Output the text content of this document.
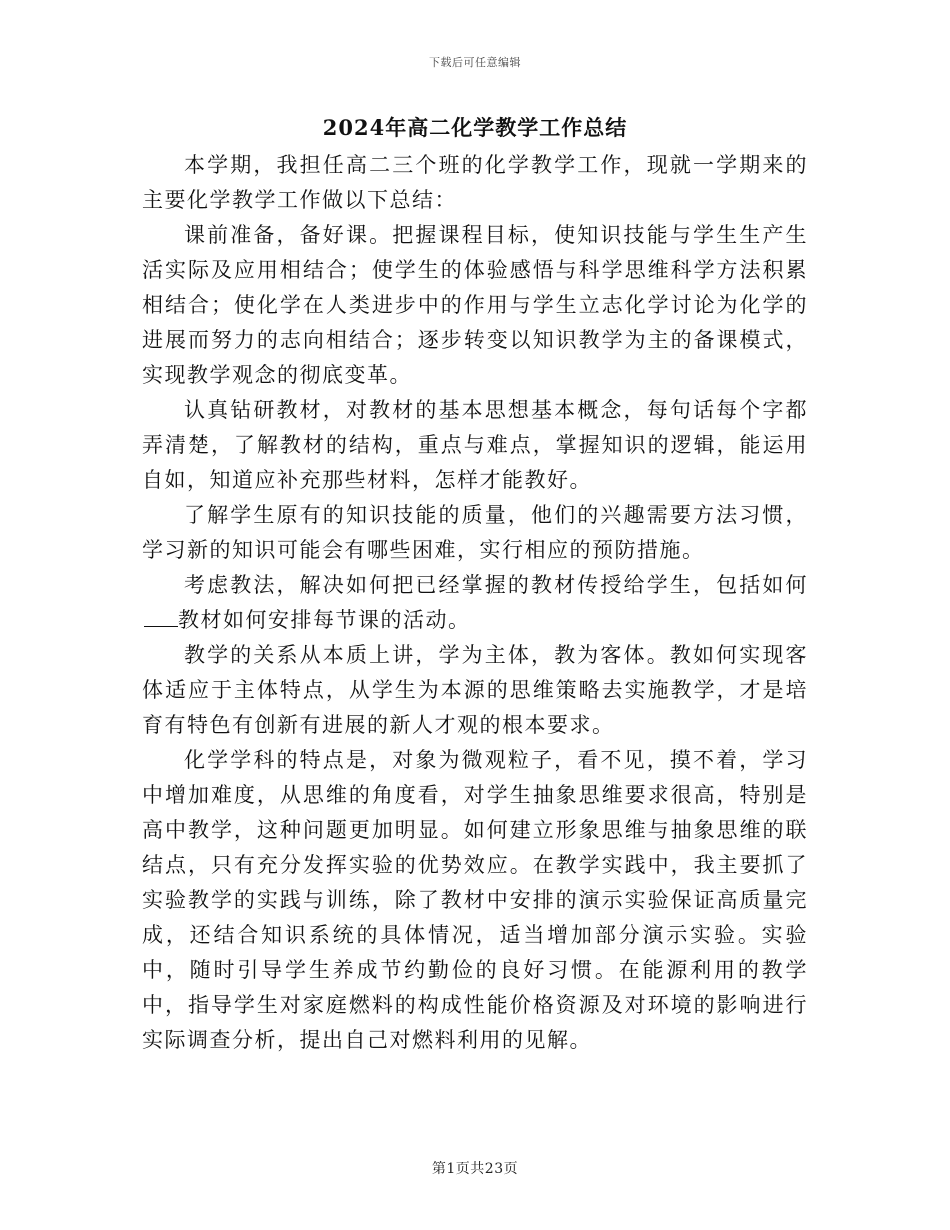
下载后可任意编辑
2024年高二化学教学工作总结

本学期，我担任高二三个班的化学教学工作，现就一学期来的主要化学教学工作做以下总结：

课前准备，备好课。把握课程目标，使知识技能与学生生产生活实际及应用相结合；使学生的体验感悟与科学思维科学方法积累相结合；使化学在人类进步中的作用与学生立志化学讨论为化学的进展而努力的志向相结合；逐步转变以知识教学为主的备课模式，实现教学观念的彻底变革。

认真钻研教材，对教材的基本思想基本概念，每句话每个字都弄清楚，了解教材的结构，重点与难点，掌握知识的逻辑，能运用自如，知道应补充那些材料，怎样才能教好。

了解学生原有的知识技能的质量，他们的兴趣需要方法习惯，学习新的知识可能会有哪些困难，实行相应的预防措施。

考虑教法，解决如何把已经掌握的教材传授给学生，包括如何教材如何安排每节课的活动。

教学的关系从本质上讲，学为主体，教为客体。教如何实现客体适应于主体特点，从学生为本源的思维策略去实施教学，才是培育有特色有创新有进展的新人才观的根本要求。

化学学科的特点是，对象为微观粒子，看不见，摸不着，学习中增加难度，从思维的角度看，对学生抽象思维要求很高，特别是高中教学，这种问题更加明显。如何建立形象思维与抽象思维的联结点，只有充分发挥实验的优势效应。在教学实践中，我主要抓了实验教学的实践与训练，除了教材中安排的演示实验保证高质量完成，还结合知识系统的具体情况，适当增加部分演示实验。实验中，随时引导学生养成节约勤俭的良好习惯。在能源利用的教学中，指导学生对家庭燃料的构成性能价格资源及对环境的影响进行实际调查分析，提出自己对燃料利用的见解。

第1页共23页
